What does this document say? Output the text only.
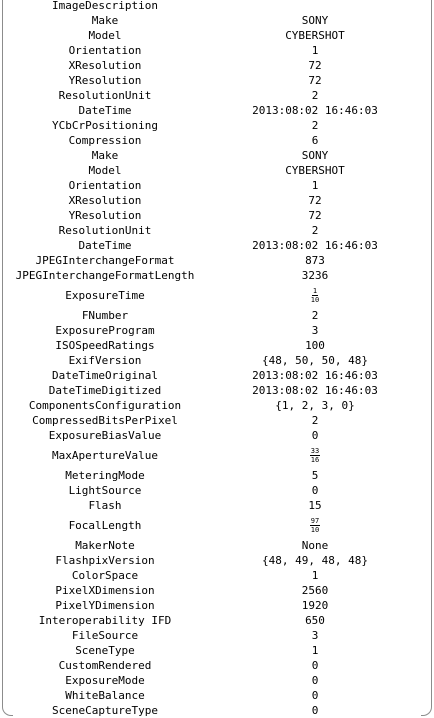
ImageDescription
Make	SONY
Model	CYBERSHOT
Orientation	1
XResolution	72
YResolution	72
ResolutionUnit	2
DateTime	2013:08:02 16:46:03
YCbCrPositioning	2
Compression	6
Make	SONY
Model	CYBERSHOT
Orientation	1
XResolution	72
YResolution	72
ResolutionUnit	2
DateTime	2013:08:02 16:46:03
JPEGInterchangeFormat	873
JPEGInterchangeFormatLength	3236
ExposureTime	$\frac{1}{10}$
FNumber	2
ExposureProgram	3
ISOSpeedRatings	100
ExifVersion	{48, 50, 50, 48}
DateTimeOriginal	2013:08:02 16:46:03
DateTimeDigitized	2013:08:02 16:46:03
ComponentsConfiguration	{1, 2, 3, 0}
CompressedBitsPerPixel	2
ExposureBiasValue	0
MaxApertureValue	$\frac{33}{16}$
MeteringMode	5
LightSource	0
Flash	15
FocalLength	$\frac{97}{10}$
MakerNote	None
FlashpixVersion	{48, 49, 48, 48}
ColorSpace	1
PixelXDimension	2560
PixelYDimension	1920
Interoperability IFD	650
FileSource	3
SceneType	1
CustomRendered	0
ExposureMode	0
WhiteBalance	0
SceneCaptureType	0
